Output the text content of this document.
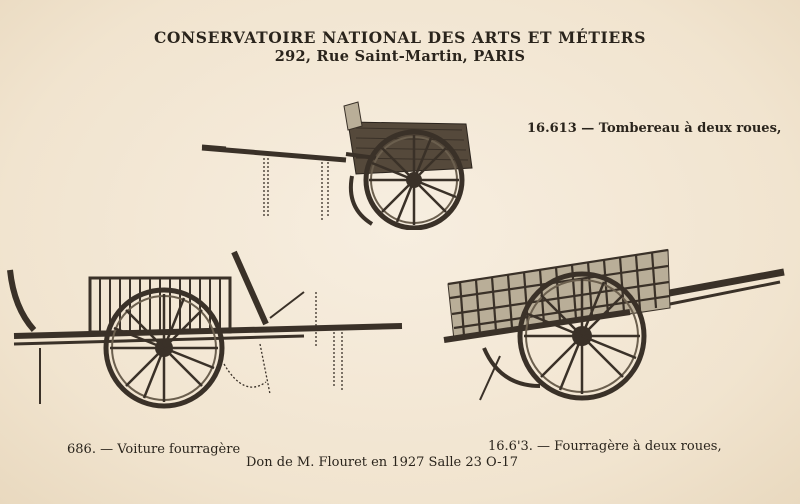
CONSERVATOIRE NATIONAL DES ARTS ET MÉTIERS
292, Rue Saint-Martin, PARIS
16.613 — Tombereau à deux roues,
686. — Voiture fourragère	16.6'3. — Fourragère à deux roues,
Don de M. Flouret en 1927 Salle 23 O-17
